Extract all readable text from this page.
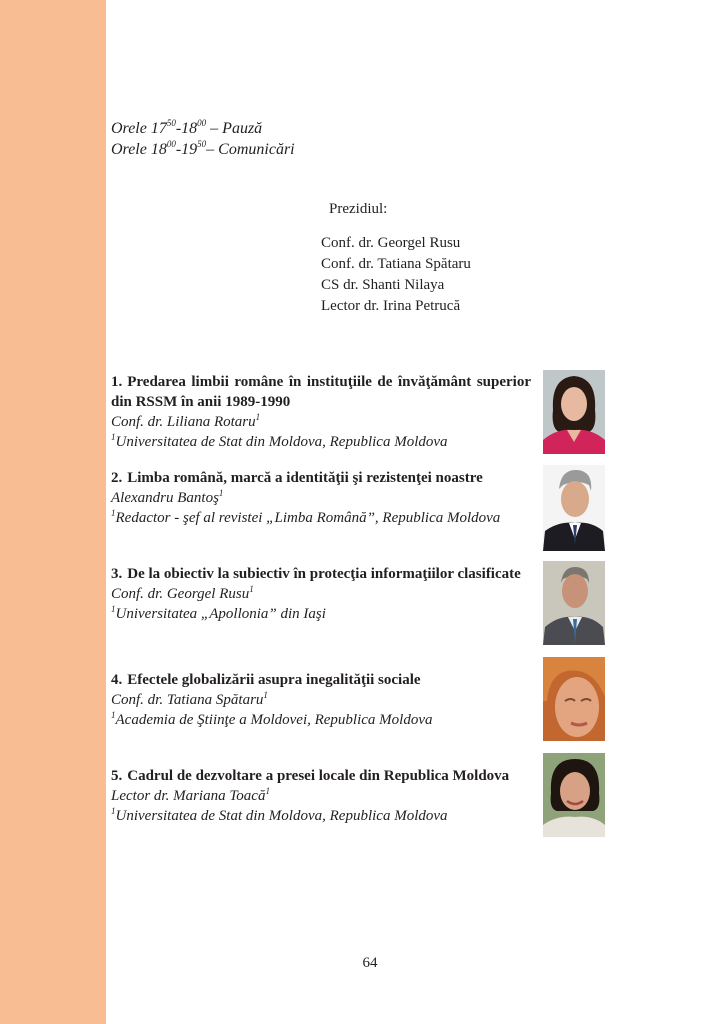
Orele $17^{50}-18^{00}$ – Pauză
Orele $18^{00}-19^{50}-$ Comunicări
Prezidiul:
Conf. dr. Georgel Rusu
Conf. dr. Tatiana Spătaru
CS dr. Shanti Nilaya
Lector dr. Irina Petrucă
1. Predarea limbii române în instituţiile de învăţământ superior din RSSM în anii 1989-1990
Conf. dr. Liliana Rotaru$^1$
$^1$Universitatea de Stat din Moldova, Republica Moldova
2. Limba română, marcă a identităţii şi rezistenţei noastre
Alexandru Bantoş$^1$
$^1$Redactor - şef al revistei „Limba Română”, Republica Moldova
3. De la obiectiv la subiectiv în protecţia informaţiilor clasificate
Conf. dr. Georgel Rusu$^1$
$^1$Universitatea „Apollonia” din Iaşi
4. Efectele globalizării asupra inegalităţii sociale
Conf. dr. Tatiana Spătaru$^1$
$^1$Academia de Ştiinţe a Moldovei, Republica Moldova
5. Cadrul de dezvoltare a presei locale din Republica Moldova
Lector dr. Mariana Toacă$^1$
$^1$Universitatea de Stat din Moldova, Republica Moldova
64
